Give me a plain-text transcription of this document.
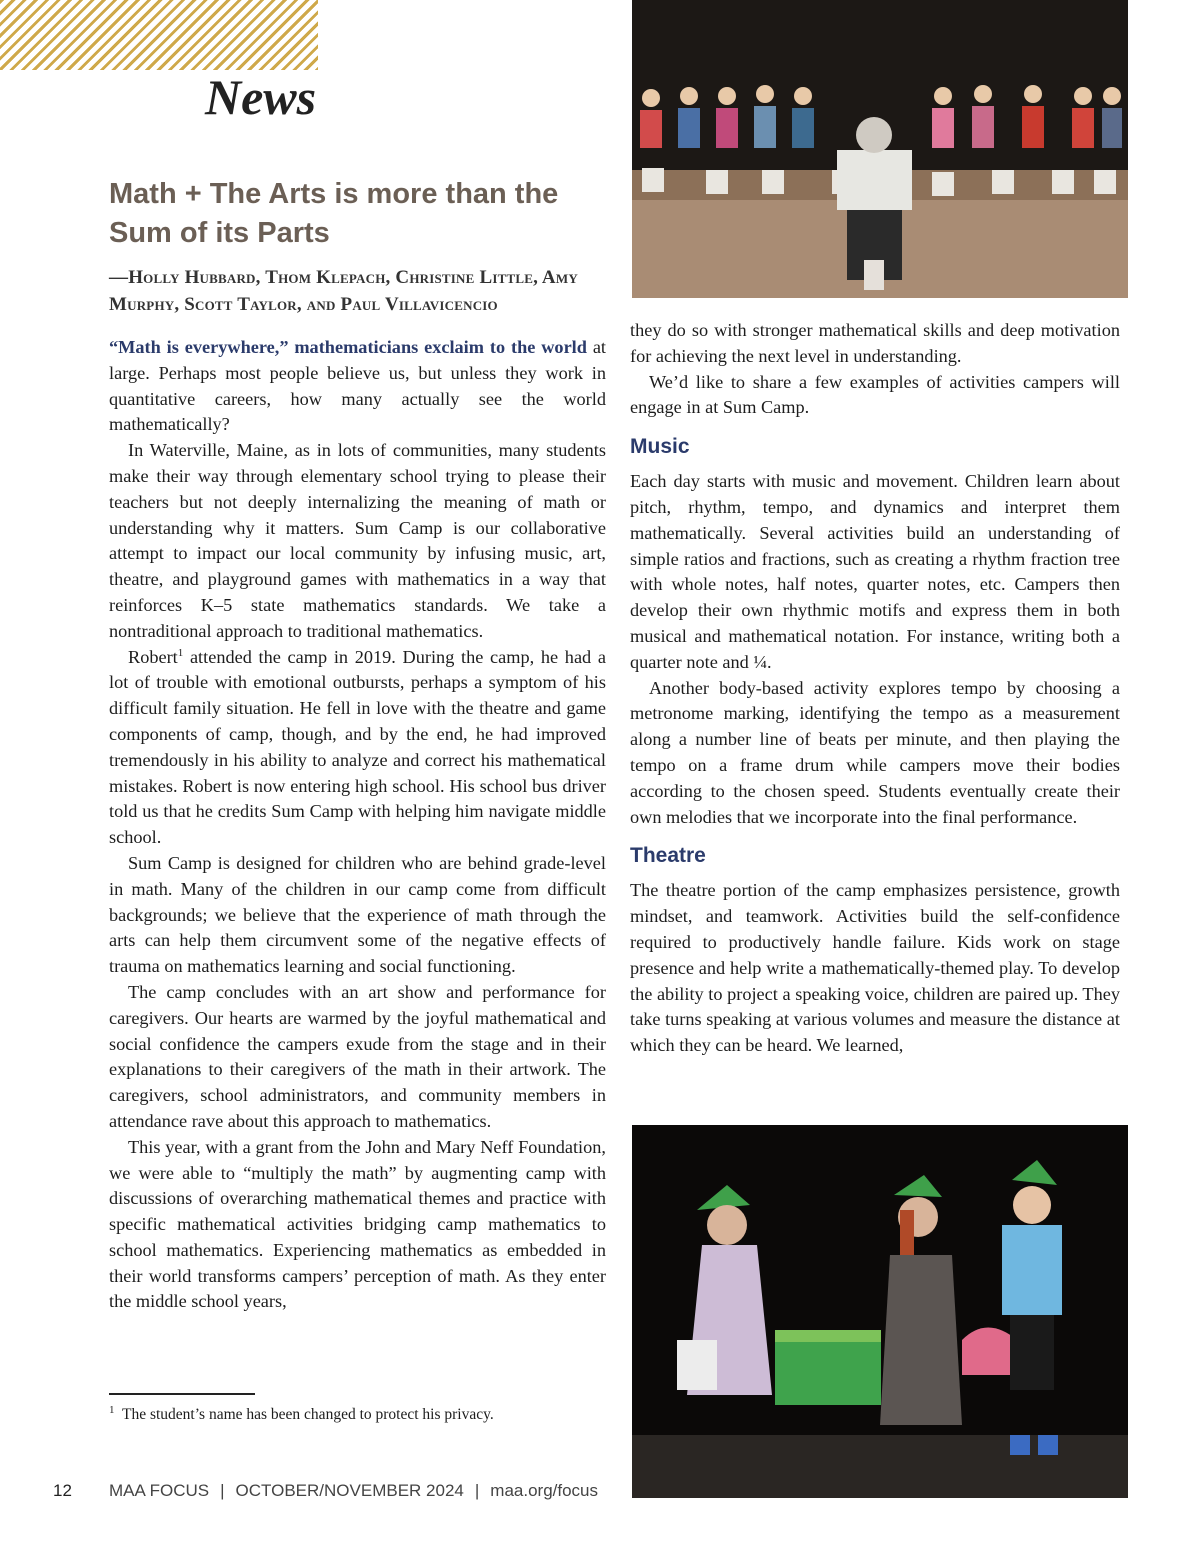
News
Math + The Arts is more than the Sum of its Parts
—Holly Hubbard, Thom Klepach, Christine Little, Amy Murphy, Scott Taylor, and Paul Villavicencio

“Math is everywhere,” mathematicians exclaim to the world at large. Perhaps most people believe us, but unless they work in quantitative careers, how many actually see the world mathematically?

In Waterville, Maine, as in lots of communities, many students make their way through elementary school trying to please their teachers but not deeply internalizing the meaning of math or understanding why it matters. Sum Camp is our collaborative attempt to impact our local community by infusing music, art, theatre, and playground games with mathematics in a way that reinforces K–5 state mathematics standards. We take a nontraditional approach to traditional mathematics.

Robert$^1$ attended the camp in 2019. During the camp, he had a lot of trouble with emotional outbursts, perhaps a symptom of his difficult family situation. He fell in love with the theatre and game components of camp, though, and by the end, he had improved tremendously in his ability to analyze and correct his mathematical mistakes. Robert is now entering high school. His school bus driver told us that he credits Sum Camp with helping him navigate middle school.

Sum Camp is designed for children who are behind grade-level in math. Many of the children in our camp come from difficult backgrounds; we believe that the experience of math through the arts can help them circumvent some of the negative effects of trauma on mathematics learning and social functioning.

The camp concludes with an art show and performance for caregivers. Our hearts are warmed by the joyful mathematical and social confidence the campers exude from the stage and in their explanations to their caregivers of the math in their artwork. The caregivers, school administrators, and community members in attendance rave about this approach to mathematics.

This year, with a grant from the John and Mary Neff Foundation, we were able to “multiply the math” by augmenting camp with discussions of overarching mathematical themes and practice with specific mathematical activities bridging camp mathematics to school mathematics. Experiencing mathematics as embedded in their world transforms campers’ perception of math. As they enter the middle school years,

$^1$ The student’s name has been changed to protect his privacy.

they do so with stronger mathematical skills and deep motivation for achieving the next level in understanding.

We’d like to share a few examples of activities campers will engage in at Sum Camp.

Music

Each day starts with music and movement. Children learn about pitch, rhythm, tempo, and dynamics and interpret them mathematically. Several activities build an understanding of simple ratios and fractions, such as creating a rhythm fraction tree with whole notes, half notes, quarter notes, etc. Campers then develop their own rhythmic motifs and express them in both musical and mathematical notation. For instance, writing both a quarter note and ¼.

Another body-based activity explores tempo by choosing a metronome marking, identifying the tempo as a measurement along a number line of beats per minute, and then playing the tempo on a frame drum while campers move their bodies according to the chosen speed. Students eventually create their own melodies that we incorporate into the final performance.

Theatre

The theatre portion of the camp emphasizes persistence, growth mindset, and teamwork. Activities build the self-confidence required to productively handle failure. Kids work on stage presence and help write a mathematically-themed play. To develop the ability to project a speaking voice, children are paired up. They take turns speaking at various volumes and measure the distance at which they can be heard. We learned,

12	MAA FOCUS | OCTOBER/NOVEMBER 2024 | maa.org/focus
